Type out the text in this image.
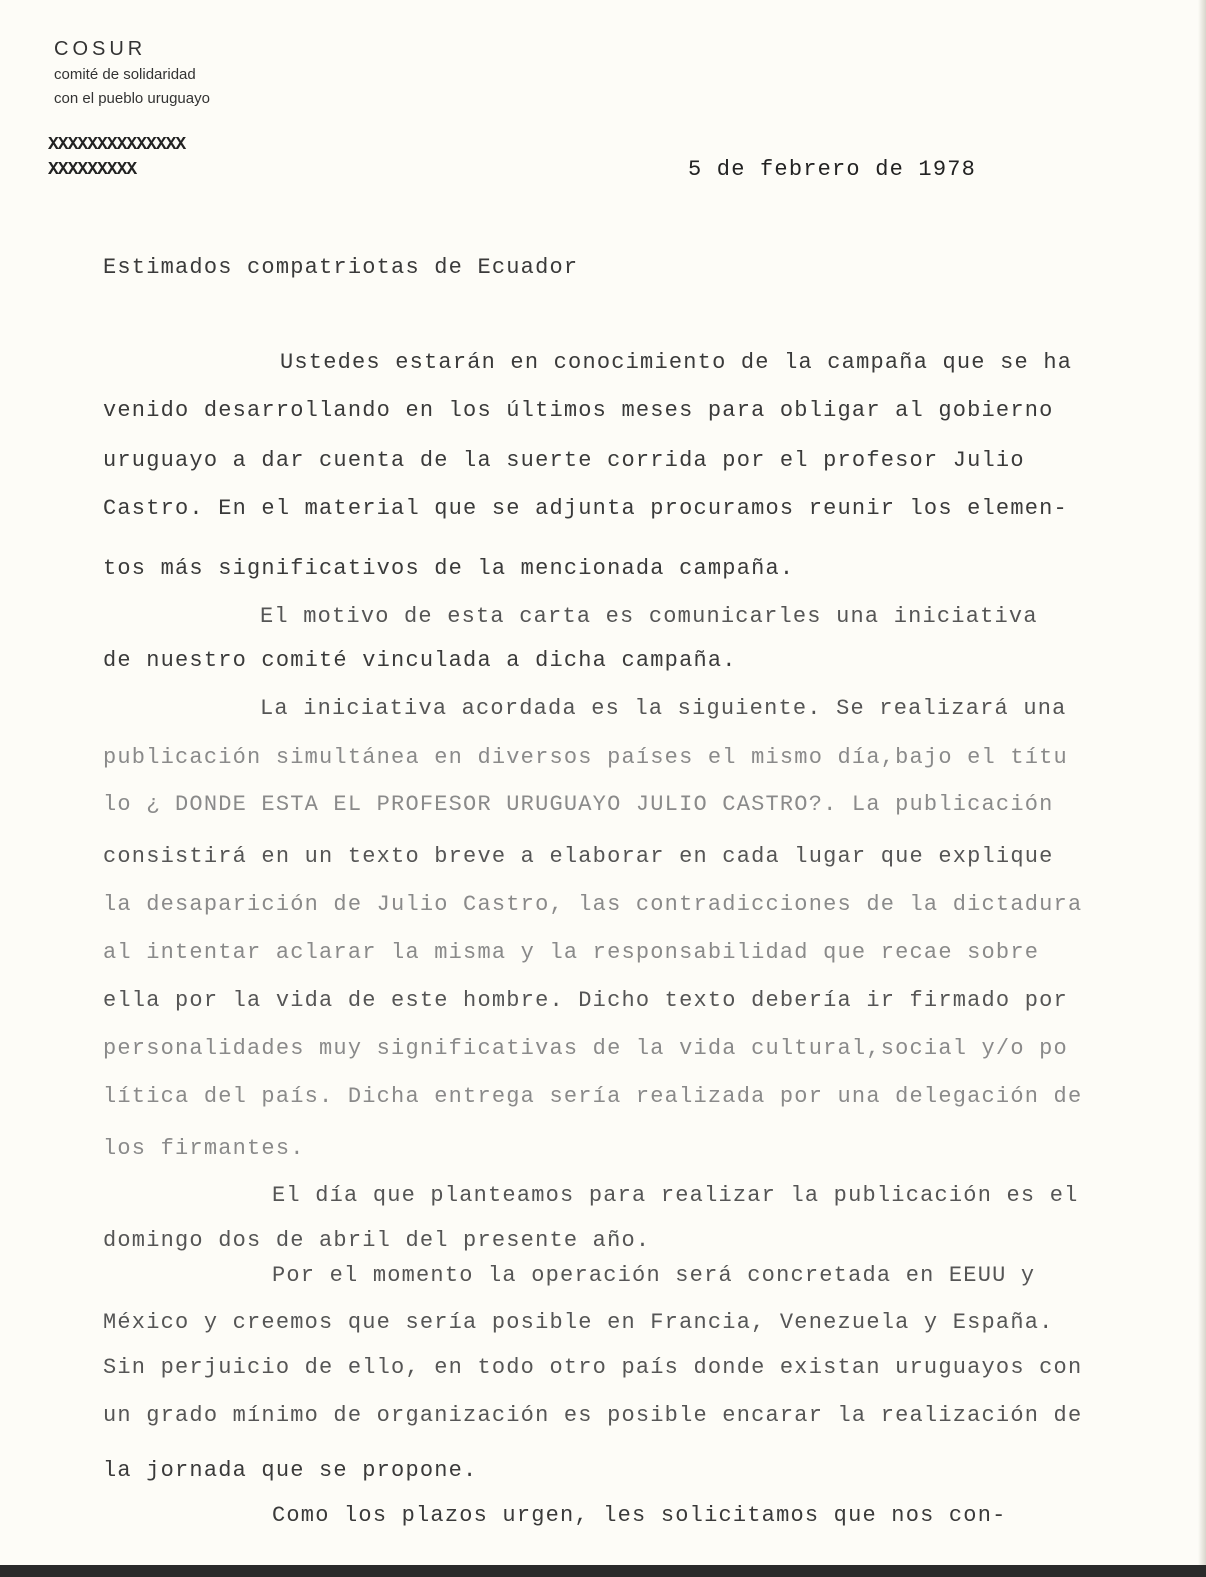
COSUR
comité de solidaridad
con el pueblo uruguayo
XXXXXXXXXXXXXX
XXXXXXXXX	5 de febrero de 1978
Estimados compatriotas de Ecuador
Ustedes estarán en conocimiento de la campaña que se ha
venido desarrollando en los últimos meses para obligar al gobierno
uruguayo a dar cuenta de la suerte corrida por el profesor Julio
Castro. En el material que se adjunta procuramos reunir los elemen-
tos más significativos de la mencionada campaña.
El motivo de esta carta es comunicarles una iniciativa
de nuestro comité vinculada a dicha campaña.
La iniciativa acordada es la siguiente. Se realizará una
publicación simultánea en diversos países el mismo día,bajo el títu
lo ¿ DONDE ESTA EL PROFESOR URUGUAYO JULIO CASTRO?. La publicación
consistirá en un texto breve a elaborar en cada lugar que explique
la desaparición de Julio Castro, las contradicciones de la dictadura
al intentar aclarar la misma y la responsabilidad que recae sobre
ella por la vida de este hombre. Dicho texto debería ir firmado por
personalidades muy significativas de la vida cultural,social y/o po
lítica del país. Dicha entrega sería realizada por una delegación de
los firmantes.
El día que planteamos para realizar la publicación es el
domingo dos de abril del presente año.
Por el momento la operación será concretada en EEUU y
México y creemos que sería posible en Francia, Venezuela y España.
Sin perjuicio de ello, en todo otro país donde existan uruguayos con
un grado mínimo de organización es posible encarar la realización de
la jornada que se propone.
Como los plazos urgen, les solicitamos que nos con-
